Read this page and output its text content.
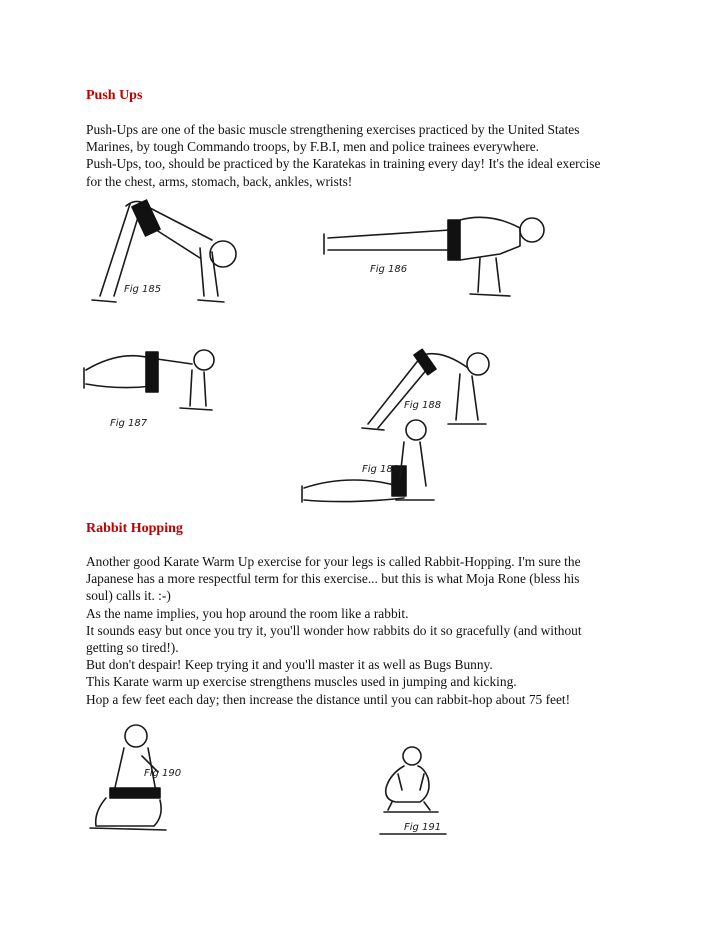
Push Ups

Push-Ups are one of the basic muscle strengthening exercises practiced by the United States

Marines, by tough Commando troops, by F.B.I, men and police trainees everywhere.

Push-Ups, too, should be practiced by the Karatekas in training every day! It's the ideal exercise

for the chest, arms, stomach, back, ankles, wrists!

Fig 185
Fig 186
Fig 187
Fig 188
Fig 189
Rabbit Hopping

Another good Karate Warm Up exercise for your legs is called Rabbit-Hopping. I'm sure the

Japanese has a more respectful term for this exercise... but this is what Moja Rone (bless his

soul) calls it. :-)

As the name implies, you hop around the room like a rabbit.

It sounds easy but once you try it, you'll wonder how rabbits do it so gracefully (and without

getting so tired!).

But don't despair! Keep trying it and you'll master it as well as Bugs Bunny.

This Karate warm up exercise strengthens muscles used in jumping and kicking.

Hop a few feet each day; then increase the distance until you can rabbit-hop about 75 feet!

Fig 190
Fig 191
